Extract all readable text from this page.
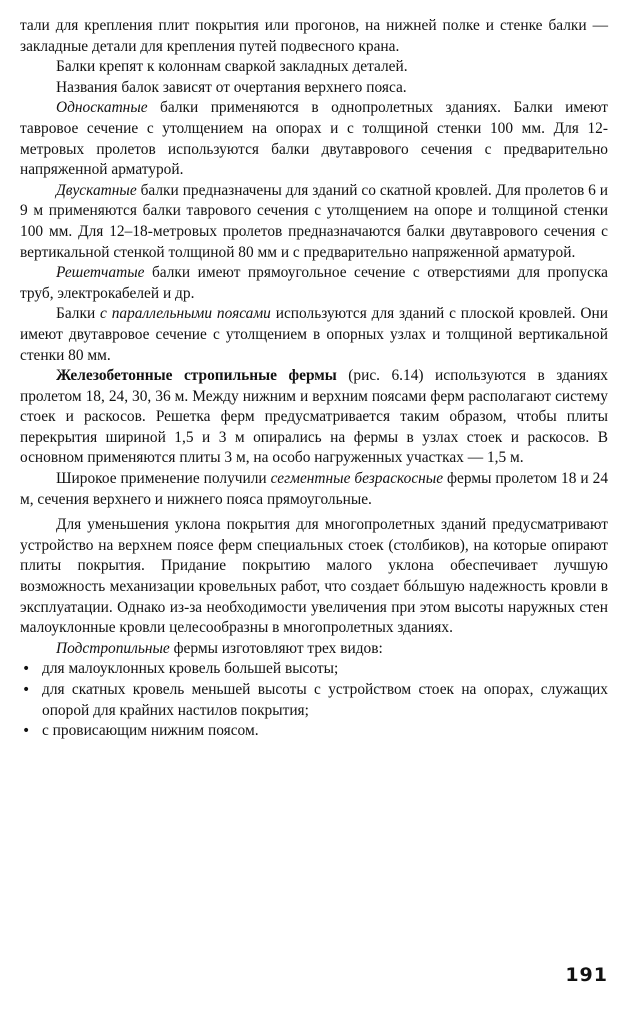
тали для крепления плит покрытия или прогонов, на нижней полке и стенке балки — закладные детали для крепления путей подвесного крана.

Балки крепят к колоннам сваркой закладных деталей.

Названия балок зависят от очертания верхнего пояса.

Односкатные балки применяются в однопролетных зданиях. Балки имеют тавровое сечение с утолщением на опорах и с толщиной стенки 100 мм. Для 12-метровых пролетов используются балки двутаврового сечения с предварительно напряженной арматурой.

Двускатные балки предназначены для зданий со скатной кровлей. Для пролетов 6 и 9 м применяются балки таврового сечения с утолщением на опоре и толщиной стенки 100 мм. Для 12–18-метровых пролетов предназначаются балки двутаврового сечения с вертикальной стенкой толщиной 80 мм и с предварительно напряженной арматурой.

Решетчатые балки имеют прямоугольное сечение с отверстиями для пропуска труб, электрокабелей и др.

Балки с параллельными поясами используются для зданий с плоской кровлей. Они имеют двутавровое сечение с утолщением в опорных узлах и толщиной вертикальной стенки 80 мм.

Железобетонные стропильные фермы (рис. 6.14) используются в зданиях пролетом 18, 24, 30, 36 м. Между нижним и верхним поясами ферм располагают систему стоек и раскосов. Решетка ферм предусматривается таким образом, чтобы плиты перекрытия шириной 1,5 и 3 м опирались на фермы в узлах стоек и раскосов. В основном применяются плиты 3 м, на особо нагруженных участках — 1,5 м.

Широкое применение получили сегментные безраскосные фермы пролетом 18 и 24 м, сечения верхнего и нижнего пояса прямоугольные.

Для уменьшения уклона покрытия для многопролетных зданий предусматривают устройство на верхнем поясе ферм специальных стоек (столбиков), на которые опирают плиты покрытия. Придание покрытию малого уклона обеспечивает лучшую возможность механизации кровельных работ, что создает бóльшую надежность кровли в эксплуатации. Однако из-за необходимости увеличения при этом высоты наружных стен малоуклонные кровли целесообразны в многопролетных зданиях.

Подстропильные фермы изготовляют трех видов:

• для малоуклонных кровель большей высоты;
• для скатных кровель меньшей высоты с устройством стоек на опорах, служащих опорой для крайних настилов покрытия;
• с провисающим нижним поясом.
191
